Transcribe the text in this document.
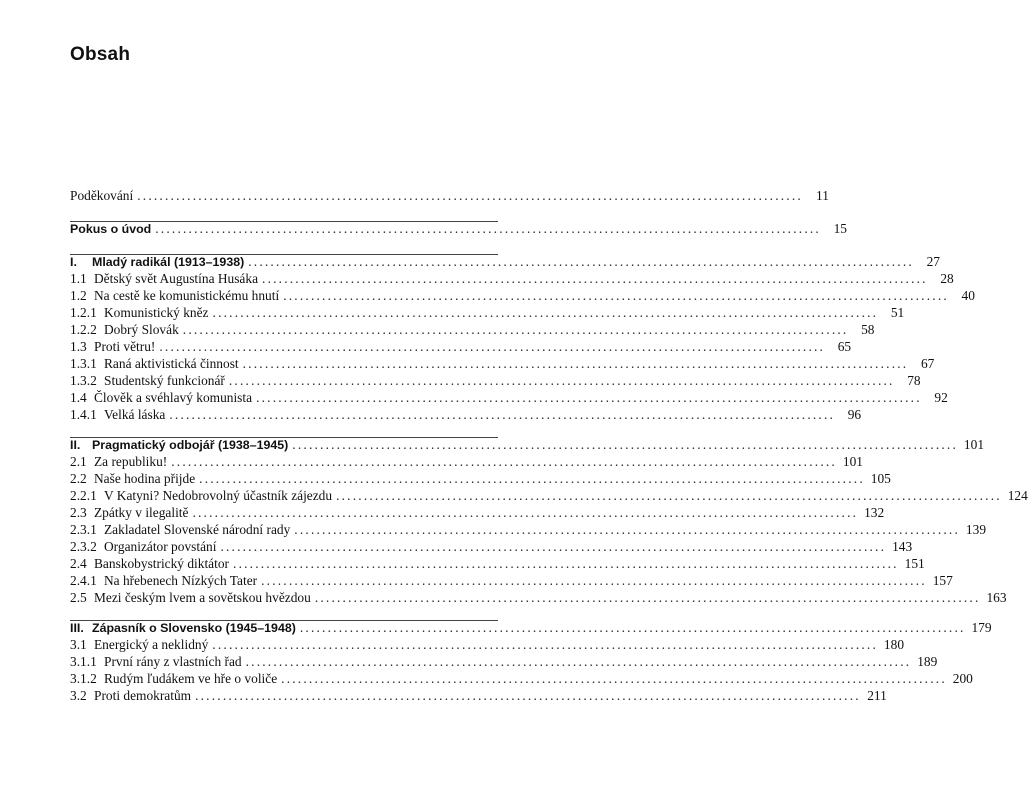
Obsah
Poděkování ........................................................................................................................ 11
Pokus o úvod ........................................................................................................................ 15
I.	Mladý radikál (1913–1938) ........................................................................................................................ 27
1.1 Dětský svět Augustína Husáka ........................................................................................................................ 28
1.2 Na cestě ke komunistickému hnutí ........................................................................................................................ 40
1.2.1 Komunistický kněz ........................................................................................................................ 51
1.2.2 Dobrý Slovák ........................................................................................................................ 58
1.3 Proti větru! ........................................................................................................................ 65
1.3.1 Raná aktivistická činnost ........................................................................................................................ 67
1.3.2 Studentský funkcionář ........................................................................................................................ 78
1.4 Člověk a svéhlavý komunista ........................................................................................................................ 92
1.4.1 Velká láska ........................................................................................................................ 96
II. Pragmatický odbojář (1938–1945) ........................................................................................................................ 101
2.1 Za republiku! ........................................................................................................................ 101
2.2 Naše hodina přijde ........................................................................................................................ 105
2.2.1 V Katyni? Nedobrovolný účastník zájezdu ........................................................................................................................ 124
2.3 Zpátky v ilegalitě ........................................................................................................................ 132
2.3.1 Zakladatel Slovenské národní rady ........................................................................................................................ 139
2.3.2 Organizátor povstání ........................................................................................................................ 143
2.4 Banskobystrický diktátor ........................................................................................................................ 151
2.4.1 Na hřebenech Nízkých Tater ........................................................................................................................ 157
2.5 Mezi českým lvem a sovětskou hvězdou ........................................................................................................................ 163
III. Zápasník o Slovensko (1945–1948) ........................................................................................................................ 179
3.1 Energický a neklidný ........................................................................................................................ 180
3.1.1 První rány z vlastních řad ........................................................................................................................ 189
3.1.2 Rudým ľudákem ve hře o voliče ........................................................................................................................ 200
3.2 Proti demokratům ........................................................................................................................ 211
